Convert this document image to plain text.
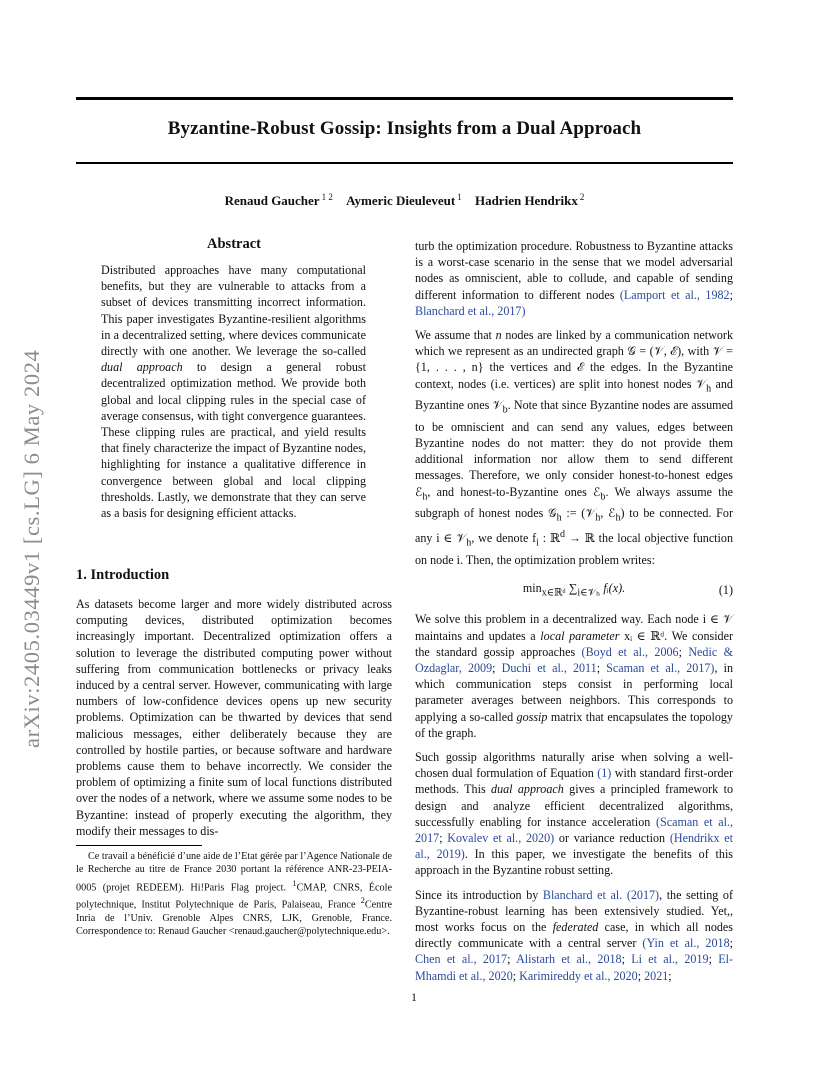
arXiv:2405.03449v1 [cs.LG] 6 May 2024
Byzantine-Robust Gossip: Insights from a Dual Approach
Renaud Gaucher $^{1 2}$ Aymeric Dieuleveut $^1$ Hadrien Hendrikx $^2$
Abstract
Distributed approaches have many computational benefits, but they are vulnerable to attacks from a subset of devices transmitting incorrect information. This paper investigates Byzantine-resilient algorithms in a decentralized setting, where devices communicate directly with one another. We leverage the so-called dual approach to design a general robust decentralized optimization method. We provide both global and local clipping rules in the special case of average consensus, with tight convergence guarantees. These clipping rules are practical, and yield results that finely characterize the impact of Byzantine nodes, highlighting for instance a qualitative difference in convergence between global and local clipping thresholds. Lastly, we demonstrate that they can serve as a basis for designing efficient attacks.
1. Introduction

As datasets become larger and more widely distributed across computing devices, distributed optimization becomes increasingly important. Decentralized optimization offers a solution to leverage the distributed computing power without suffering from communication bottlenecks or privacy leaks induced by a central server. However, communicating with large numbers of low-confidence devices opens up new security problems. Optimization can be thwarted by devices that send malicious messages, either deliberately because they are controlled by hostile parties, or because software and hardware problems cause them to behave incorrectly. We consider the problem of optimizing a finite sum of local functions distributed over the nodes of a network, where we assume some nodes to be Byzantine: instead of properly executing the algorithm, they modify their messages to dis-

Ce travail a bénéficié d’une aide de l’Etat gérée par l’Agence Nationale de le Recherche au titre de France 2030 portant la référence ANR-23-PEIA-0005 (projet REDEEM). Hi!Paris Flag project. $^1$CMAP, CNRS, École polytechnique, Institut Polytechnique de Paris, Palaiseau, France $^2$Centre Inria de l’Univ. Grenoble Alpes CNRS, LJK, Grenoble, France. Correspondence to: Renaud Gaucher <renaud.gaucher@polytechnique.edu>.

turb the optimization procedure. Robustness to Byzantine attacks is a worst-case scenario in the sense that we model adversarial nodes as omniscient, able to collude, and capable of sending different information to different nodes (Lamport et al., 1982; Blanchard et al., 2017)

We assume that n nodes are linked by a communication network which we represent as an undirected graph 𝒢 = (𝒱, ℰ), with 𝒱 = {1, . . . , n} the vertices and ℰ the edges. In the Byzantine context, nodes (i.e. vertices) are split into honest nodes 𝒱$_h$ and Byzantine ones 𝒱$_b$. Note that since Byzantine nodes are assumed to be omniscient and can send any values, edges between Byzantine nodes do not matter: they do not provide them additional information nor allow them to send different messages. Therefore, we only consider honest-to-honest edges ℰ$_h$, and honest-to-Byzantine ones ℰ$_b$. We always assume the subgraph of honest nodes 𝒢$_h$ := (𝒱$_h$, ℰ$_h$) to be connected. For any i ∈ 𝒱$_h$, we denote $f_i$ : ℝ$^d$ → ℝ the local objective function on node i. Then, the optimization problem writes:

$\min_{x\in ℝᵈ} \sum_{i\in 𝒱_h}$ fᵢ(x).	(1)

We solve this problem in a decentralized way. Each node i ∈ 𝒱 maintains and updates a local parameter xᵢ ∈ ℝᵈ. We consider the standard gossip approaches (Boyd et al., 2006; Nedic & Ozdaglar, 2009; Duchi et al., 2011; Scaman et al., 2017), in which communication steps consist in performing local parameter averages between neighbors. This corresponds to applying a so-called gossip matrix that encapsulates the topology of the graph.

Such gossip algorithms naturally arise when solving a well-chosen dual formulation of Equation (1) with standard first-order methods. This dual approach gives a principled framework to design and analyze efficient decentralized algorithms, successfully enabling for instance acceleration (Scaman et al., 2017; Kovalev et al., 2020) or variance reduction (Hendrikx et al., 2019). In this paper, we investigate the benefits of this approach in the Byzantine robust setting.

Since its introduction by Blanchard et al. (2017), the setting of Byzantine-robust learning has been extensively studied. Yet,, most works focus on the federated case, in which all nodes directly communicate with a central server (Yin et al., 2018; Chen et al., 2017; Alistarh et al., 2018; Li et al., 2019; El-Mhamdi et al., 2020; Karimireddy et al., 2020; 2021;

1
